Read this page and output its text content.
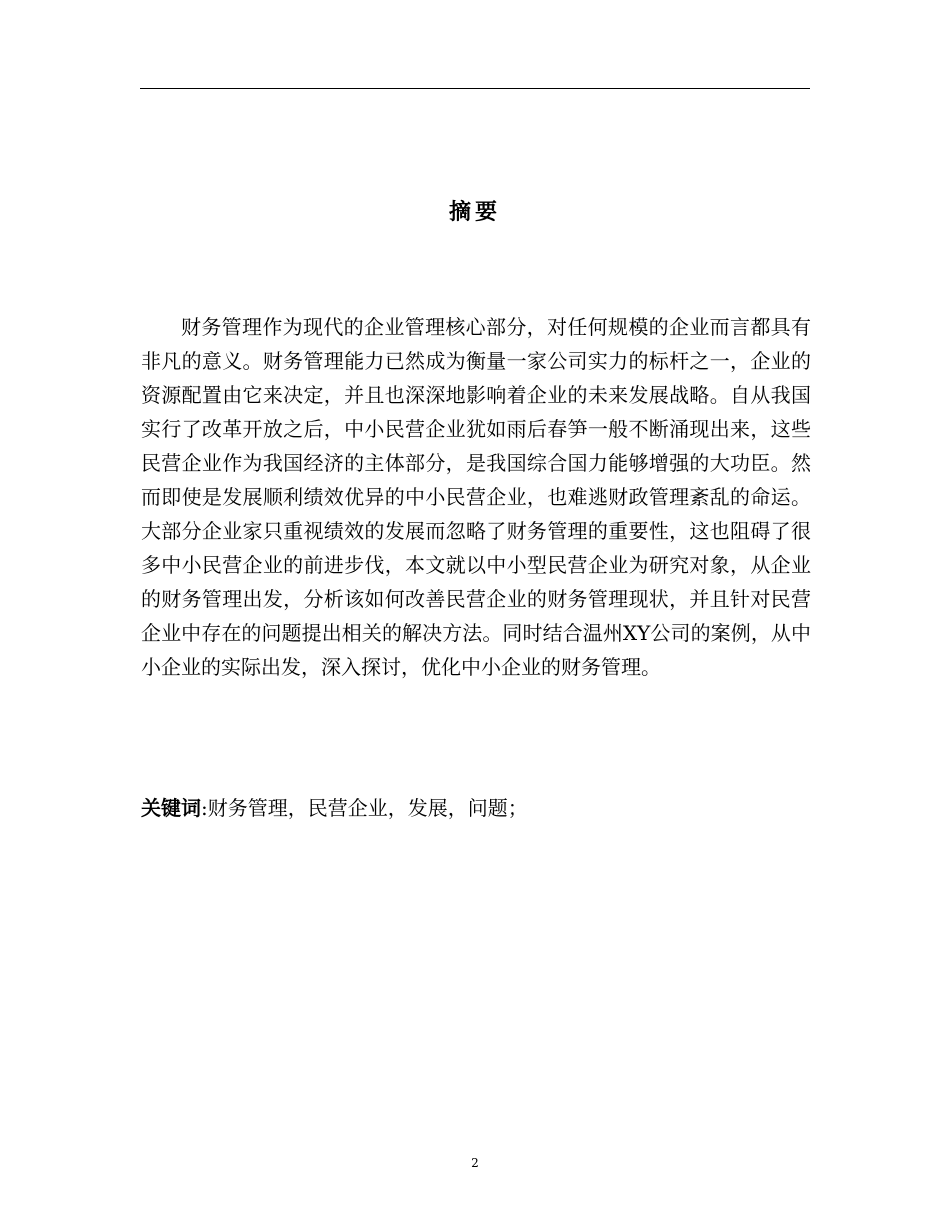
摘要

财务管理作为现代的企业管理核心部分，对任何规模的企业而言都具有非凡的意义。财务管理能力已然成为衡量一家公司实力的标杆之一，企业的资源配置由它来决定，并且也深深地影响着企业的未来发展战略。自从我国实行了改革开放之后，中小民营企业犹如雨后春笋一般不断涌现出来，这些民营企业作为我国经济的主体部分，是我国综合国力能够增强的大功臣。然而即使是发展顺利绩效优异的中小民营企业，也难逃财政管理紊乱的命运。大部分企业家只重视绩效的发展而忽略了财务管理的重要性，这也阻碍了很多中小民营企业的前进步伐，本文就以中小型民营企业为研究对象，从企业的财务管理出发，分析该如何改善民营企业的财务管理现状，并且针对民营企业中存在的问题提出相关的解决方法。同时结合温州XY公司的案例，从中小企业的实际出发，深入探讨，优化中小企业的财务管理。

关键词:财务管理，民营企业，发展，问题；

2
